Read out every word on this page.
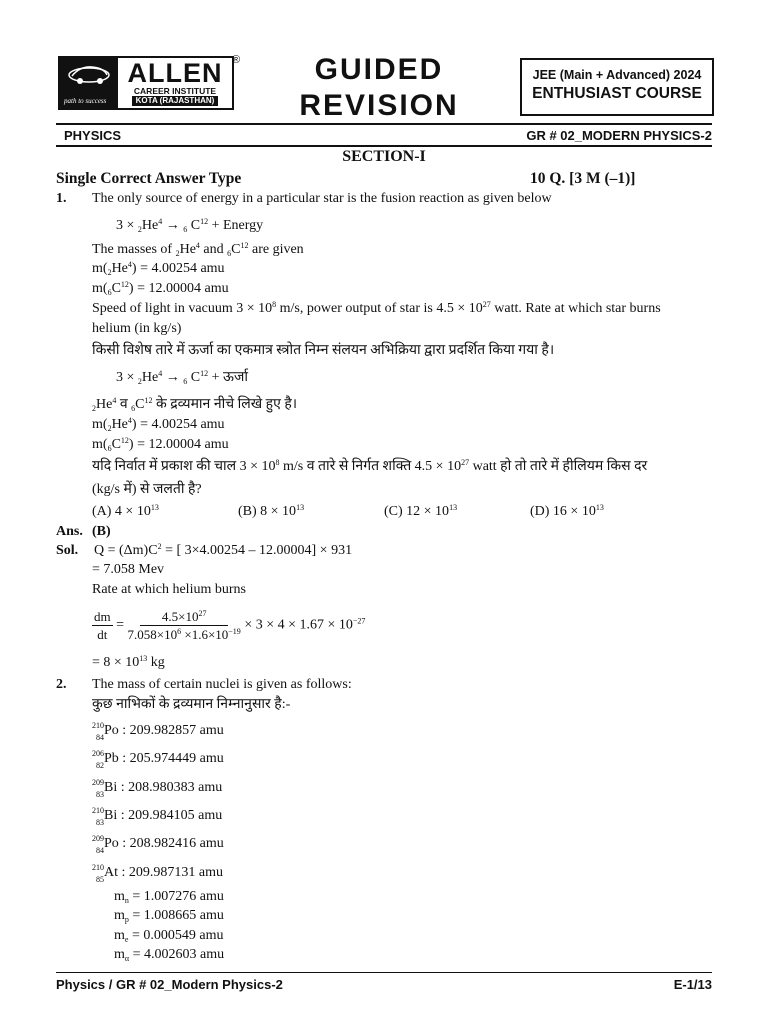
path to success
ALLEN
CAREER INSTITUTE
KOTA (RAJASTHAN)
®	GUIDED
REVISION
JEE (Main + Advanced) 2024
ENTHUSIAST COURSE
PHYSICS	GR # 02_MODERN PHYSICS-2
SECTION-I
Single Correct Answer Type	10 Q. [3 M (–1)]
1. The only source of energy in a particular star is the fusion reaction as given below
$3 \times _2He^4 \to _6$ $C^{12}$ + Energy
The masses of $_2He^4$ and $_6C^{12}$ are given
$m(_2He^4) = 4.00254$ amu
$m(_6C^{12}) = 12.00004$ amu
Speed of light in vacuum $3 \times 10^8$ m/s, power output of star is $4.5 \times 10^{27}$ watt. Rate at which star burns
helium (in kg/s)
किसी विशेष तारे में ऊर्जा का एकमात्र स्त्रोत निम्न संलयन अभिक्रिया द्वारा प्रदर्शित किया गया है।
$3 \times _2He^4 \to _6$ $C^{12}$ + ऊर्जा
$_2He^4$ व $_6C^{12}$ के द्रव्यमान नीचे लिखे हुए है।
$m(_2He^4) = 4.00254$ amu
$m(_6C^{12}) = 12.00004$ amu
यदि निर्वात में प्रकाश की चाल $3 \times 10^8$ m/s व तारे से निर्गत शक्ति $4.5 \times 10^{27}$ watt हो तो तारे में हीलियम किस दर
(kg/s में) से जलती है?
(A) $4 \times 10^{13}$	(B) $8 \times 10^{13}$	(C) $12 \times 10^{13}$	(D) $16 \times 10^{13}$
Ans. (B)
Sol. $Q = (\Delta m)C^2$ = [ 3×4.00254 – 12.00004] × 931
= 7.058 Mev
Rate at which helium burns
$\frac{dm}{dt} = \frac{4.5\times 10^{27}}{7.058\times 10^6 \times 1.6\times 10^{-19}} \times 3 \times 4 \times 1.67 \times 10^{-27}$
= $8 \times 10^{13}$ kg
2. The mass of certain nuclei is given as follows:
कुछ नाभिकों के द्रव्यमान निम्नानुसार है:-
210
84 Po : 209.982857 amu
206
82 Pb : 205.974449 amu
209
83 Bi : 208.980383 amu
210
83 Bi : 209.984105 amu
209
84 Po : 208.982416 amu
210
85 At : 209.987131 amu
$m_n = 1.007276$ amu
$m_p = 1.008665$ amu
$m_e = 0.000549$ amu
$m_\alpha = 4.002603$ amu
Physics / GR # 02_Modern Physics-2	E-1/13
